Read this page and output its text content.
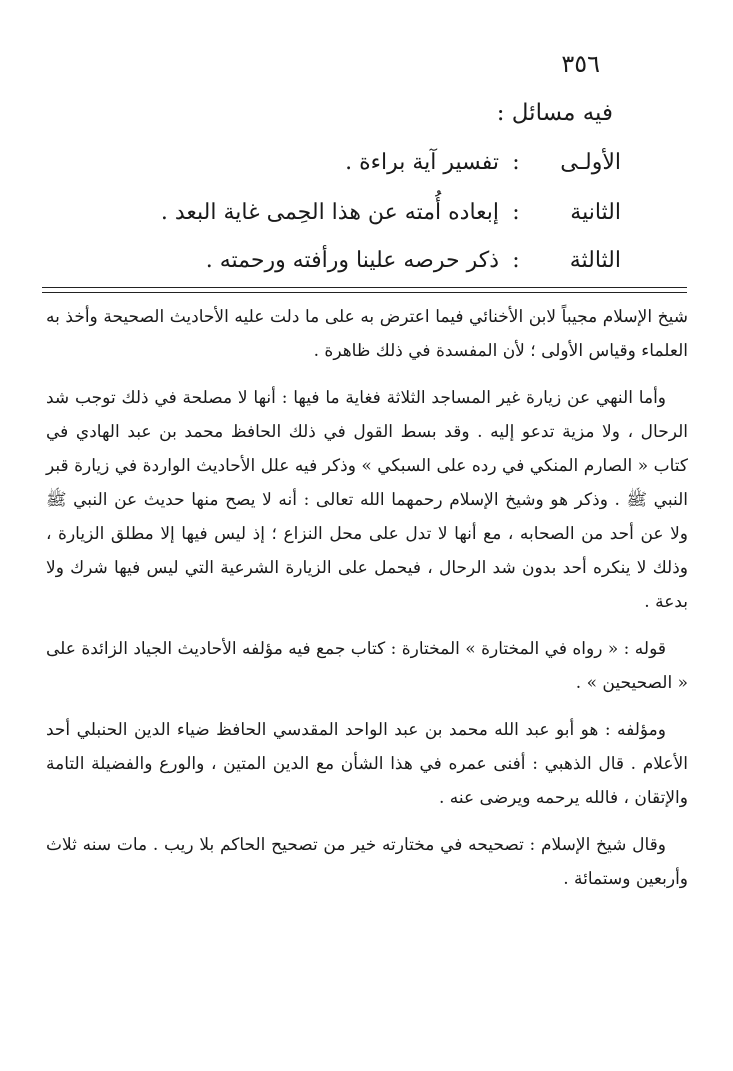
٣٥٦
فيه مسائل :
الأولـى:تفسير آية براءة .
الثانية:إبعاده أُمته عن هذا الحِمى غاية البعد .
الثالثة:ذكر حرصه علينا ورأفته ورحمته .

شيخ الإسلام مجيباً لابن الأخنائي فيما اعترض به على ما دلت عليه الأحاديث الصحيحة وأخذ به العلماء وقياس الأولى ؛ لأن المفسدة في ذلك ظاهرة .

وأما النهي عن زيارة غير المساجد الثلاثة فغاية ما فيها : أنها لا مصلحة في ذلك توجب شد الرحال ، ولا مزية تدعو إليه . وقد بسط القول في ذلك الحافظ محمد بن عبد الهادي في كتاب « الصارم المنكي في رده على السبكي » وذكر فيه علل الأحاديث الواردة في زيارة قبر النبي ﷺ . وذكر هو وشيخ الإسلام رحمهما الله تعالى : أنه لا يصح منها حديث عن النبي ﷺ ولا عن أحد من الصحابه ، مع أنها لا تدل على محل النزاع ؛ إذ ليس فيها إلا مطلق الزيارة ، وذلك لا ينكره أحد بدون شد الرحال ، فيحمل على الزيارة الشرعية التي ليس فيها شرك ولا بدعة .

قوله : « رواه في المختارة » المختارة : كتاب جمع فيه مؤلفه الأحاديث الجياد الزائدة على « الصحيحين » .

ومؤلفه : هو أبو عبد الله محمد بن عبد الواحد المقدسي الحافظ ضياء الدين الحنبلي أحد الأعلام . قال الذهبي : أفنى عمره في هذا الشأن مع الدين المتين ، والورع والفضيلة التامة والإتقان ، فالله يرحمه ويرضى عنه .

وقال شيخ الإسلام : تصحيحه في مختارته خير من تصحيح الحاكم بلا ريب . مات سنه ثلاث وأربعين وستمائة .
